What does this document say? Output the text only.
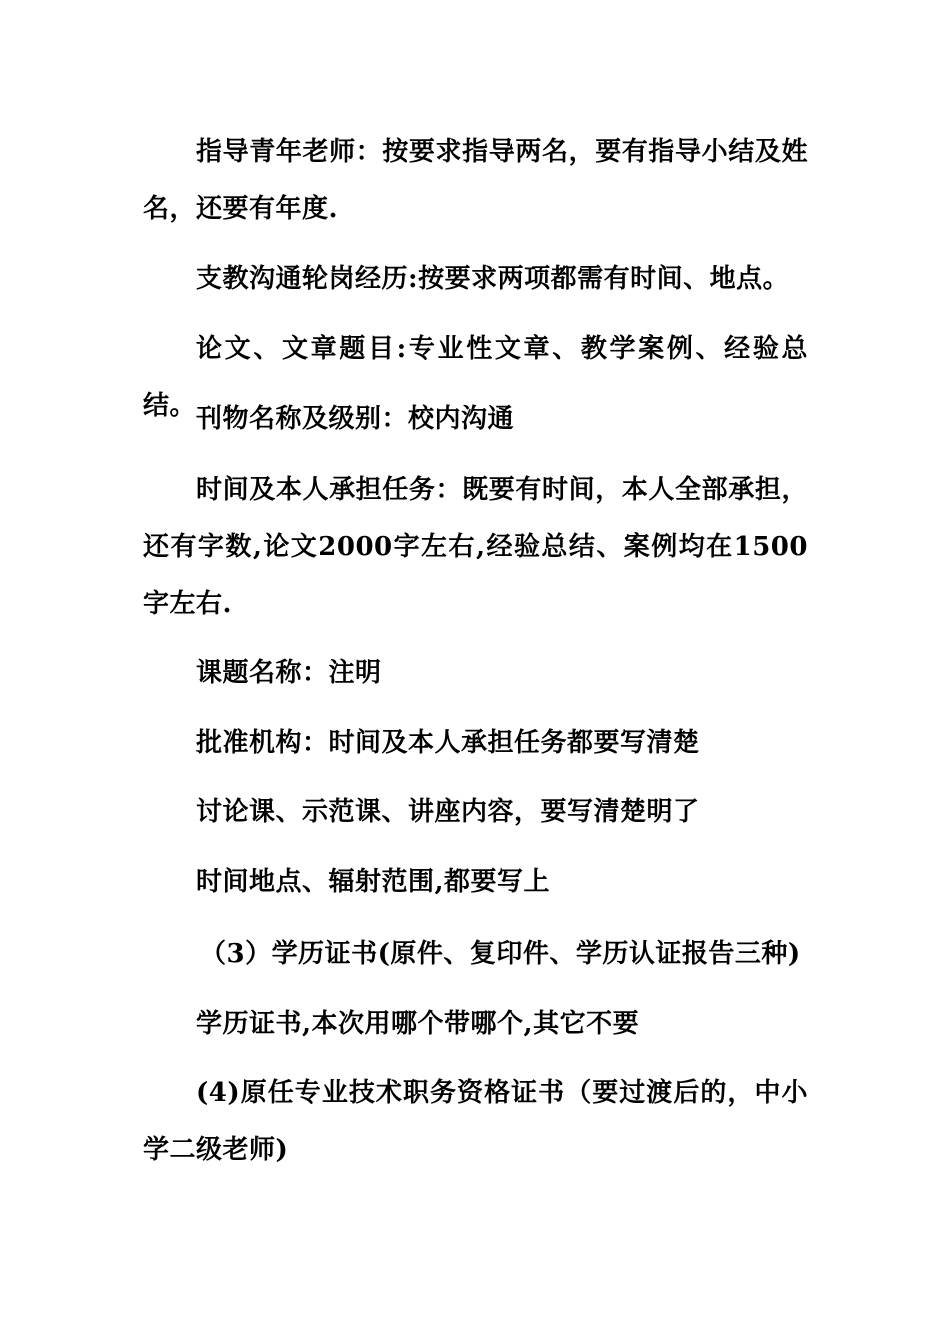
指导青年老师：按要求指导两名，要有指导小结及姓名，还要有年度.

支教沟通轮岗经历:按要求两项都需有时间、地点。

论文、文章题目:专业性文章、教学案例、经验总结。 刊物名称及级别：校内沟通

时间及本人承担任务：既要有时间，本人全部承担，还有字数,论文2000字左右,经验总结、案例均在1500字左右.

课题名称：注明

批准机构：时间及本人承担任务都要写清楚

讨论课、示范课、讲座内容，要写清楚明了

时间地点、辐射范围,都要写上

（3）学历证书(原件、复印件、学历认证报告三种)

学历证书,本次用哪个带哪个,其它不要

(4)原任专业技术职务资格证书（要过渡后的，中小学二级老师)
